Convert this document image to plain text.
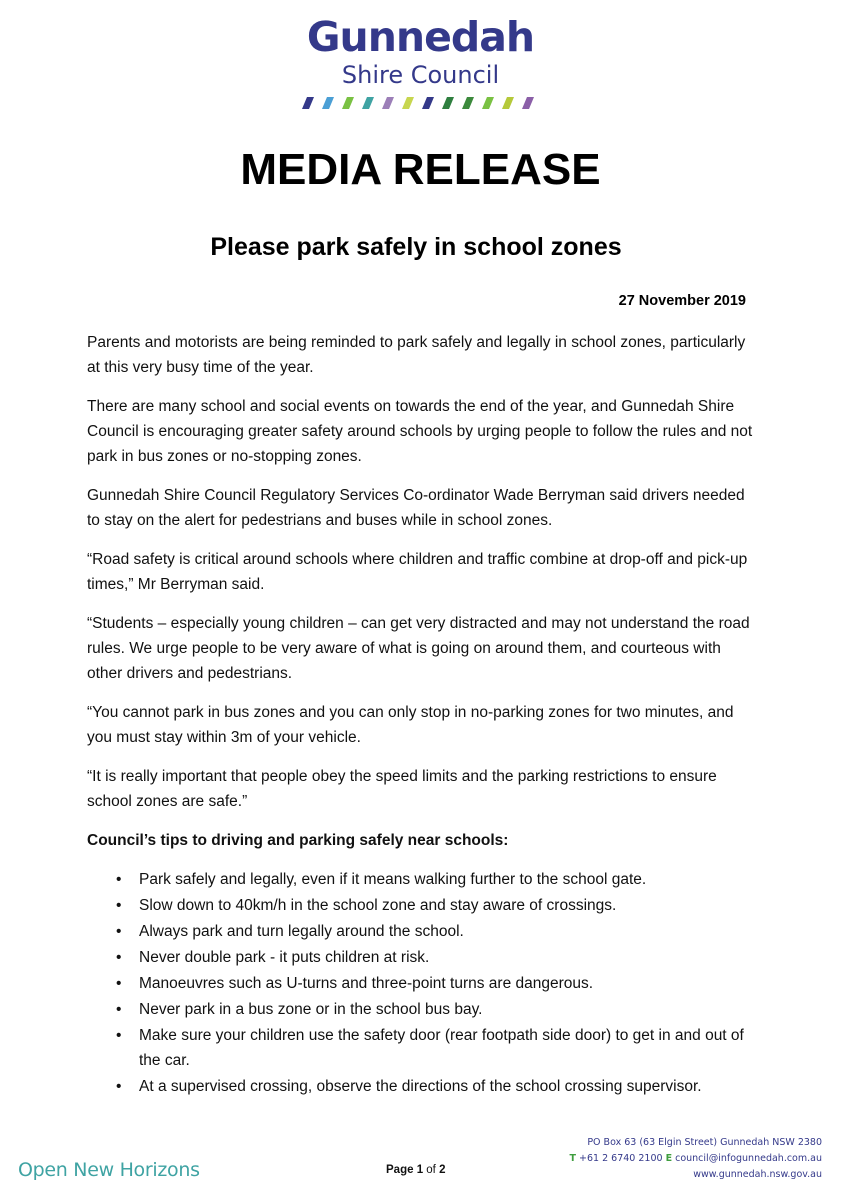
Gunnedah
Shire Council
MEDIA RELEASE
Please park safely in school zones
27 November 2019

Parents and motorists are being reminded to park safely and legally in school zones, particularly at this very busy time of the year.

There are many school and social events on towards the end of the year, and Gunnedah Shire Council is encouraging greater safety around schools by urging people to follow the rules and not park in bus zones or no-stopping zones.

Gunnedah Shire Council Regulatory Services Co-ordinator Wade Berryman said drivers needed to stay on the alert for pedestrians and buses while in school zones.

“Road safety is critical around schools where children and traffic combine at drop-off and pick-up times,” Mr Berryman said.

“Students – especially young children – can get very distracted and may not understand the road rules. We urge people to be very aware of what is going on around them, and courteous with other drivers and pedestrians.

“You cannot park in bus zones and you can only stop in no-parking zones for two minutes, and you must stay within 3m of your vehicle.

“It is really important that people obey the speed limits and the parking restrictions to ensure school zones are safe.”

Council’s tips to driving and parking safely near schools:

• Park safely and legally, even if it means walking further to the school gate.
• Slow down to 40km/h in the school zone and stay aware of crossings.
• Always park and turn legally around the school.
• Never double park - it puts children at risk.
• Manoeuvres such as U-turns and three-point turns are dangerous.
• Never park in a bus zone or in the school bus bay.
• Make sure your children use the safety door (rear footpath side door) to get in and out of the car.
• At a supervised crossing, observe the directions of the school crossing supervisor.
Open New Horizons	Page 1 of 2
PO Box 63 (63 Elgin Street) Gunnedah NSW 2380
T +61 2 6740 2100 E council@infogunnedah.com.au
www.gunnedah.nsw.gov.au
